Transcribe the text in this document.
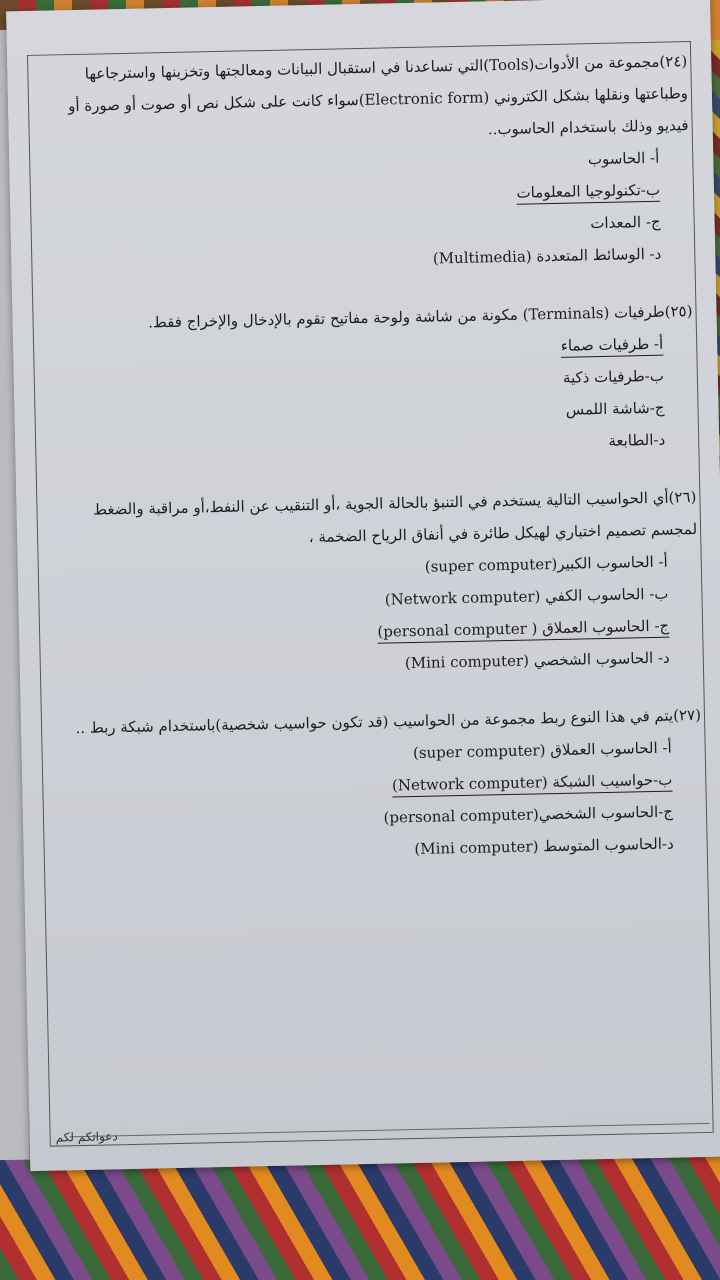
(٢٤)مجموعة من الأدوات(Tools)التي تساعدنا في استقبال البيانات ومعالجتها وتخزينها واسترجاعها وطباعتها ونقلها بشكل الكتروني (Electronic form)سواء كانت على شكل نص أو صوت أو صورة أو فيديو وذلك باستخدام الحاسوب..
أ- الحاسوب
ب-تكنولوجيا المعلومات
ج- المعدات
د- الوسائط المتعددة (Multimedia)
(٢٥)طرفيات (Terminals) مكونة من شاشة ولوحة مفاتيح تقوم بالإدخال والإخراج فقط.
أ- طرفيات صماء
ب-طرفيات ذكية
ج-شاشة اللمس
د-الطابعة
(٢٦)أي الحواسيب التالية يستخدم في التنبؤ بالحالة الجوية ،أو التنقيب عن النفط،أو مراقبة والضغط لمجسم تصميم اختباري لهيكل طائرة في أنفاق الرياح الضخمة ،
أ- الحاسوب الكبير(super computer)
ب- الحاسوب الكفي (Network computer)
ج- الحاسوب العملاق ( personal computer)
د- الحاسوب الشخصي (Mini computer)
(٢٧)يتم في هذا النوع ربط مجموعة من الحواسيب (قد تكون حواسيب شخصية)باستخدام شبكة ربط ..
أ- الحاسوب العملاق (super computer)
ب-حواسيب الشبكة (Network computer)
ج-الحاسوب الشخصي(personal computer)
د-الحاسوب المتوسط (Mini computer)
دعواتكم لكم
